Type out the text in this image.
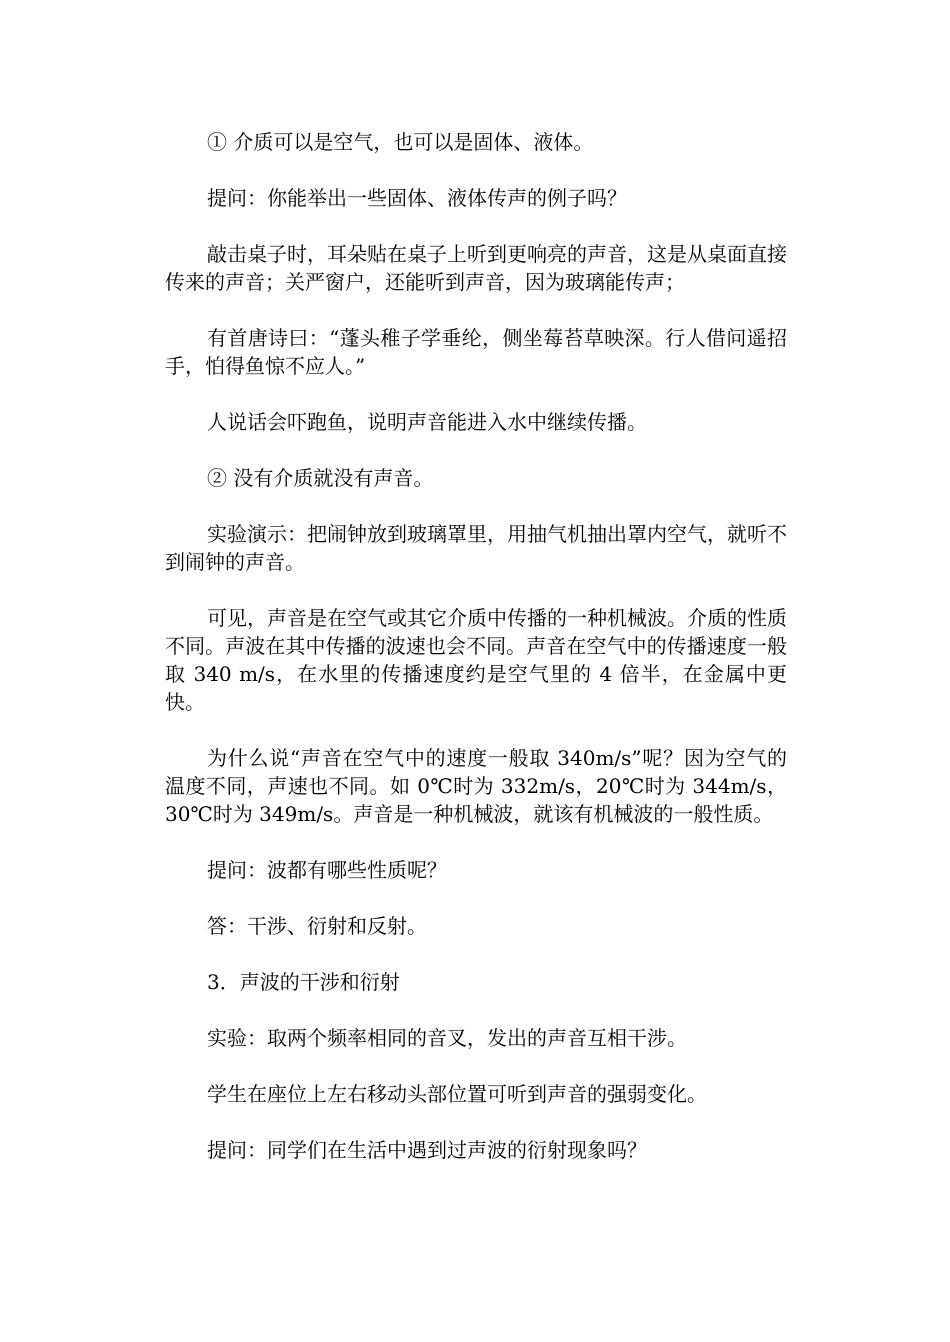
① 介质可以是空气，也可以是固体、液体。

提问：你能举出一些固体、液体传声的例子吗？

敲击桌子时，耳朵贴在桌子上听到更响亮的声音，这是从桌面直接传来的声音；关严窗户，还能听到声音，因为玻璃能传声；

有首唐诗曰：“蓬头稚子学垂纶，侧坐莓苔草映深。行人借问遥招手，怕得鱼惊不应人。”

人说话会吓跑鱼，说明声音能进入水中继续传播。

② 没有介质就没有声音。

实验演示：把闹钟放到玻璃罩里，用抽气机抽出罩内空气，就听不到闹钟的声音。

可见，声音是在空气或其它介质中传播的一种机械波。介质的性质不同。声波在其中传播的波速也会不同。声音在空气中的传播速度一般取 340 m/s，在水里的传播速度约是空气里的 4 倍半，在金属中更快。

为什么说“声音在空气中的速度一般取 340m/s”呢？因为空气的温度不同，声速也不同。如 0℃时为 332m/s，20℃时为 344m/s，30℃时为 349m/s。声音是一种机械波，就该有机械波的一般性质。

提问：波都有哪些性质呢？

答：干涉、衍射和反射。

3．声波的干涉和衍射

实验：取两个频率相同的音叉，发出的声音互相干涉。

学生在座位上左右移动头部位置可听到声音的强弱变化。

提问：同学们在生活中遇到过声波的衍射现象吗？
